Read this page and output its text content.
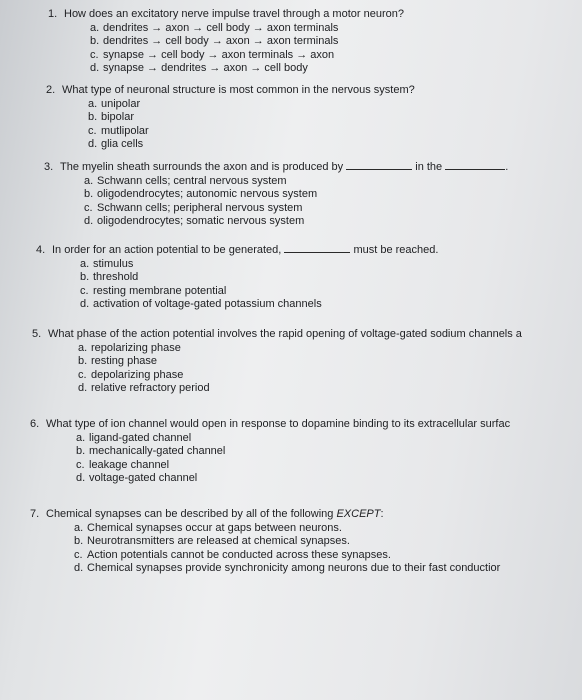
1. How does an excitatory nerve impulse travel through a motor neuron?
a. dendrites → axon → cell body → axon terminals
b. dendrites → cell body → axon → axon terminals
c. synapse → cell body → axon terminals → axon
d. synapse → dendrites → axon → cell body
2. What type of neuronal structure is most common in the nervous system?
a. unipolar
b. bipolar
c. mutlipolar
d. glia cells
3. The myelin sheath surrounds the axon and is produced by	in the	.
a. Schwann cells; central nervous system
b. oligodendrocytes; autonomic nervous system
c. Schwann cells; peripheral nervous system
d. oligodendrocytes; somatic nervous system
4. In order for an action potential to be generated,	must be reached.
a. stimulus
b. threshold
c. resting membrane potential
d. activation of voltage-gated potassium channels
5. What phase of the action potential involves the rapid opening of voltage-gated sodium channels a
a. repolarizing phase
b. resting phase
c. depolarizing phase
d. relative refractory period
6. What type of ion channel would open in response to dopamine binding to its extracellular surfac
a. ligand-gated channel
b. mechanically-gated channel
c. leakage channel
d. voltage-gated channel
7. Chemical synapses can be described by all of the following EXCEPT:
a. Chemical synapses occur at gaps between neurons.
b. Neurotransmitters are released at chemical synapses.
c. Action potentials cannot be conducted across these synapses.
d. Chemical synapses provide synchronicity among neurons due to their fast conductior
